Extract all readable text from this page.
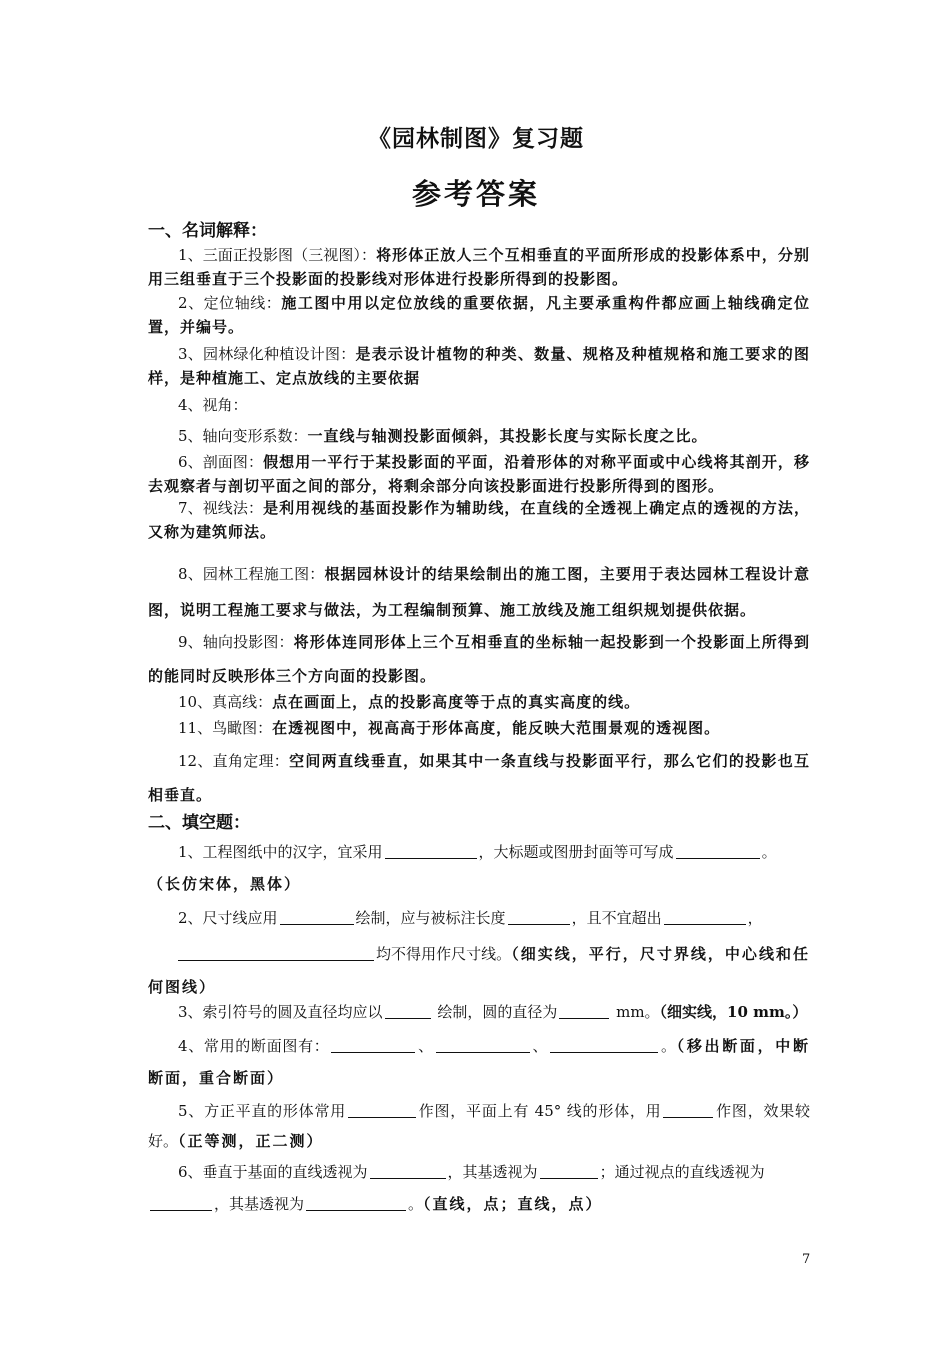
《园林制图》复习题
参考答案
一、名词解释：
1、三面正投影图（三视图）：将形体正放人三个互相垂直的平面所形成的投影体系中，分别用三组垂直于三个投影面的投影线对形体进行投影所得到的投影图。
2、定位轴线：施工图中用以定位放线的重要依据，凡主要承重构件都应画上轴线确定位置，并编号。
3、园林绿化种植设计图：是表示设计植物的种类、数量、规格及种植规格和施工要求的图样，是种植施工、定点放线的主要依据
4、视角：
5、轴向变形系数：一直线与轴测投影面倾斜，其投影长度与实际长度之比。
6、剖面图：假想用一平行于某投影面的平面，沿着形体的对称平面或中心线将其剖开，移去观察者与剖切平面之间的部分，将剩余部分向该投影面进行投影所得到的图形。
7、视线法：是利用视线的基面投影作为辅助线，在直线的全透视上确定点的透视的方法，又称为建筑师法。
8、园林工程施工图：根据园林设计的结果绘制出的施工图，主要用于表达园林工程设计意图，说明工程施工要求与做法，为工程编制预算、施工放线及施工组织规划提供依据。
9、轴向投影图：将形体连同形体上三个互相垂直的坐标轴一起投影到一个投影面上所得到的能同时反映形体三个方向面的投影图。
10、真高线：点在画面上，点的投影高度等于点的真实高度的线。
11、鸟瞰图：在透视图中，视高高于形体高度，能反映大范围景观的透视图。
12、直角定理：空间两直线垂直，如果其中一条直线与投影面平行，那么它们的投影也互相垂直。
二、填空题：
1、工程图纸中的汉字，宜采用	，大标题或图册封面等可写成	。
（长仿宋体，黑体）
2、尺寸线应用	绘制，应与被标注长度	，且不宜超出	，
均不得用作尺寸线。（细实线，平行，尺寸界线，中心线和任何图线）
3、索引符号的圆及直径均应以	绘制，圆的直径为	mm。（细实线，10 mm。）
4、常用的断面图有：	、	、	。（移出断面，中断断面，重合断面）
5、方正平直的形体常用	作图，平面上有 45° 线的形体，用	作图，效果较好。（正等测，正二测）
6、垂直于基面的直线透视为	，其基透视为	；通过视点的直线透视为
，其基透视为	。（直线，点；直线，点）
7
